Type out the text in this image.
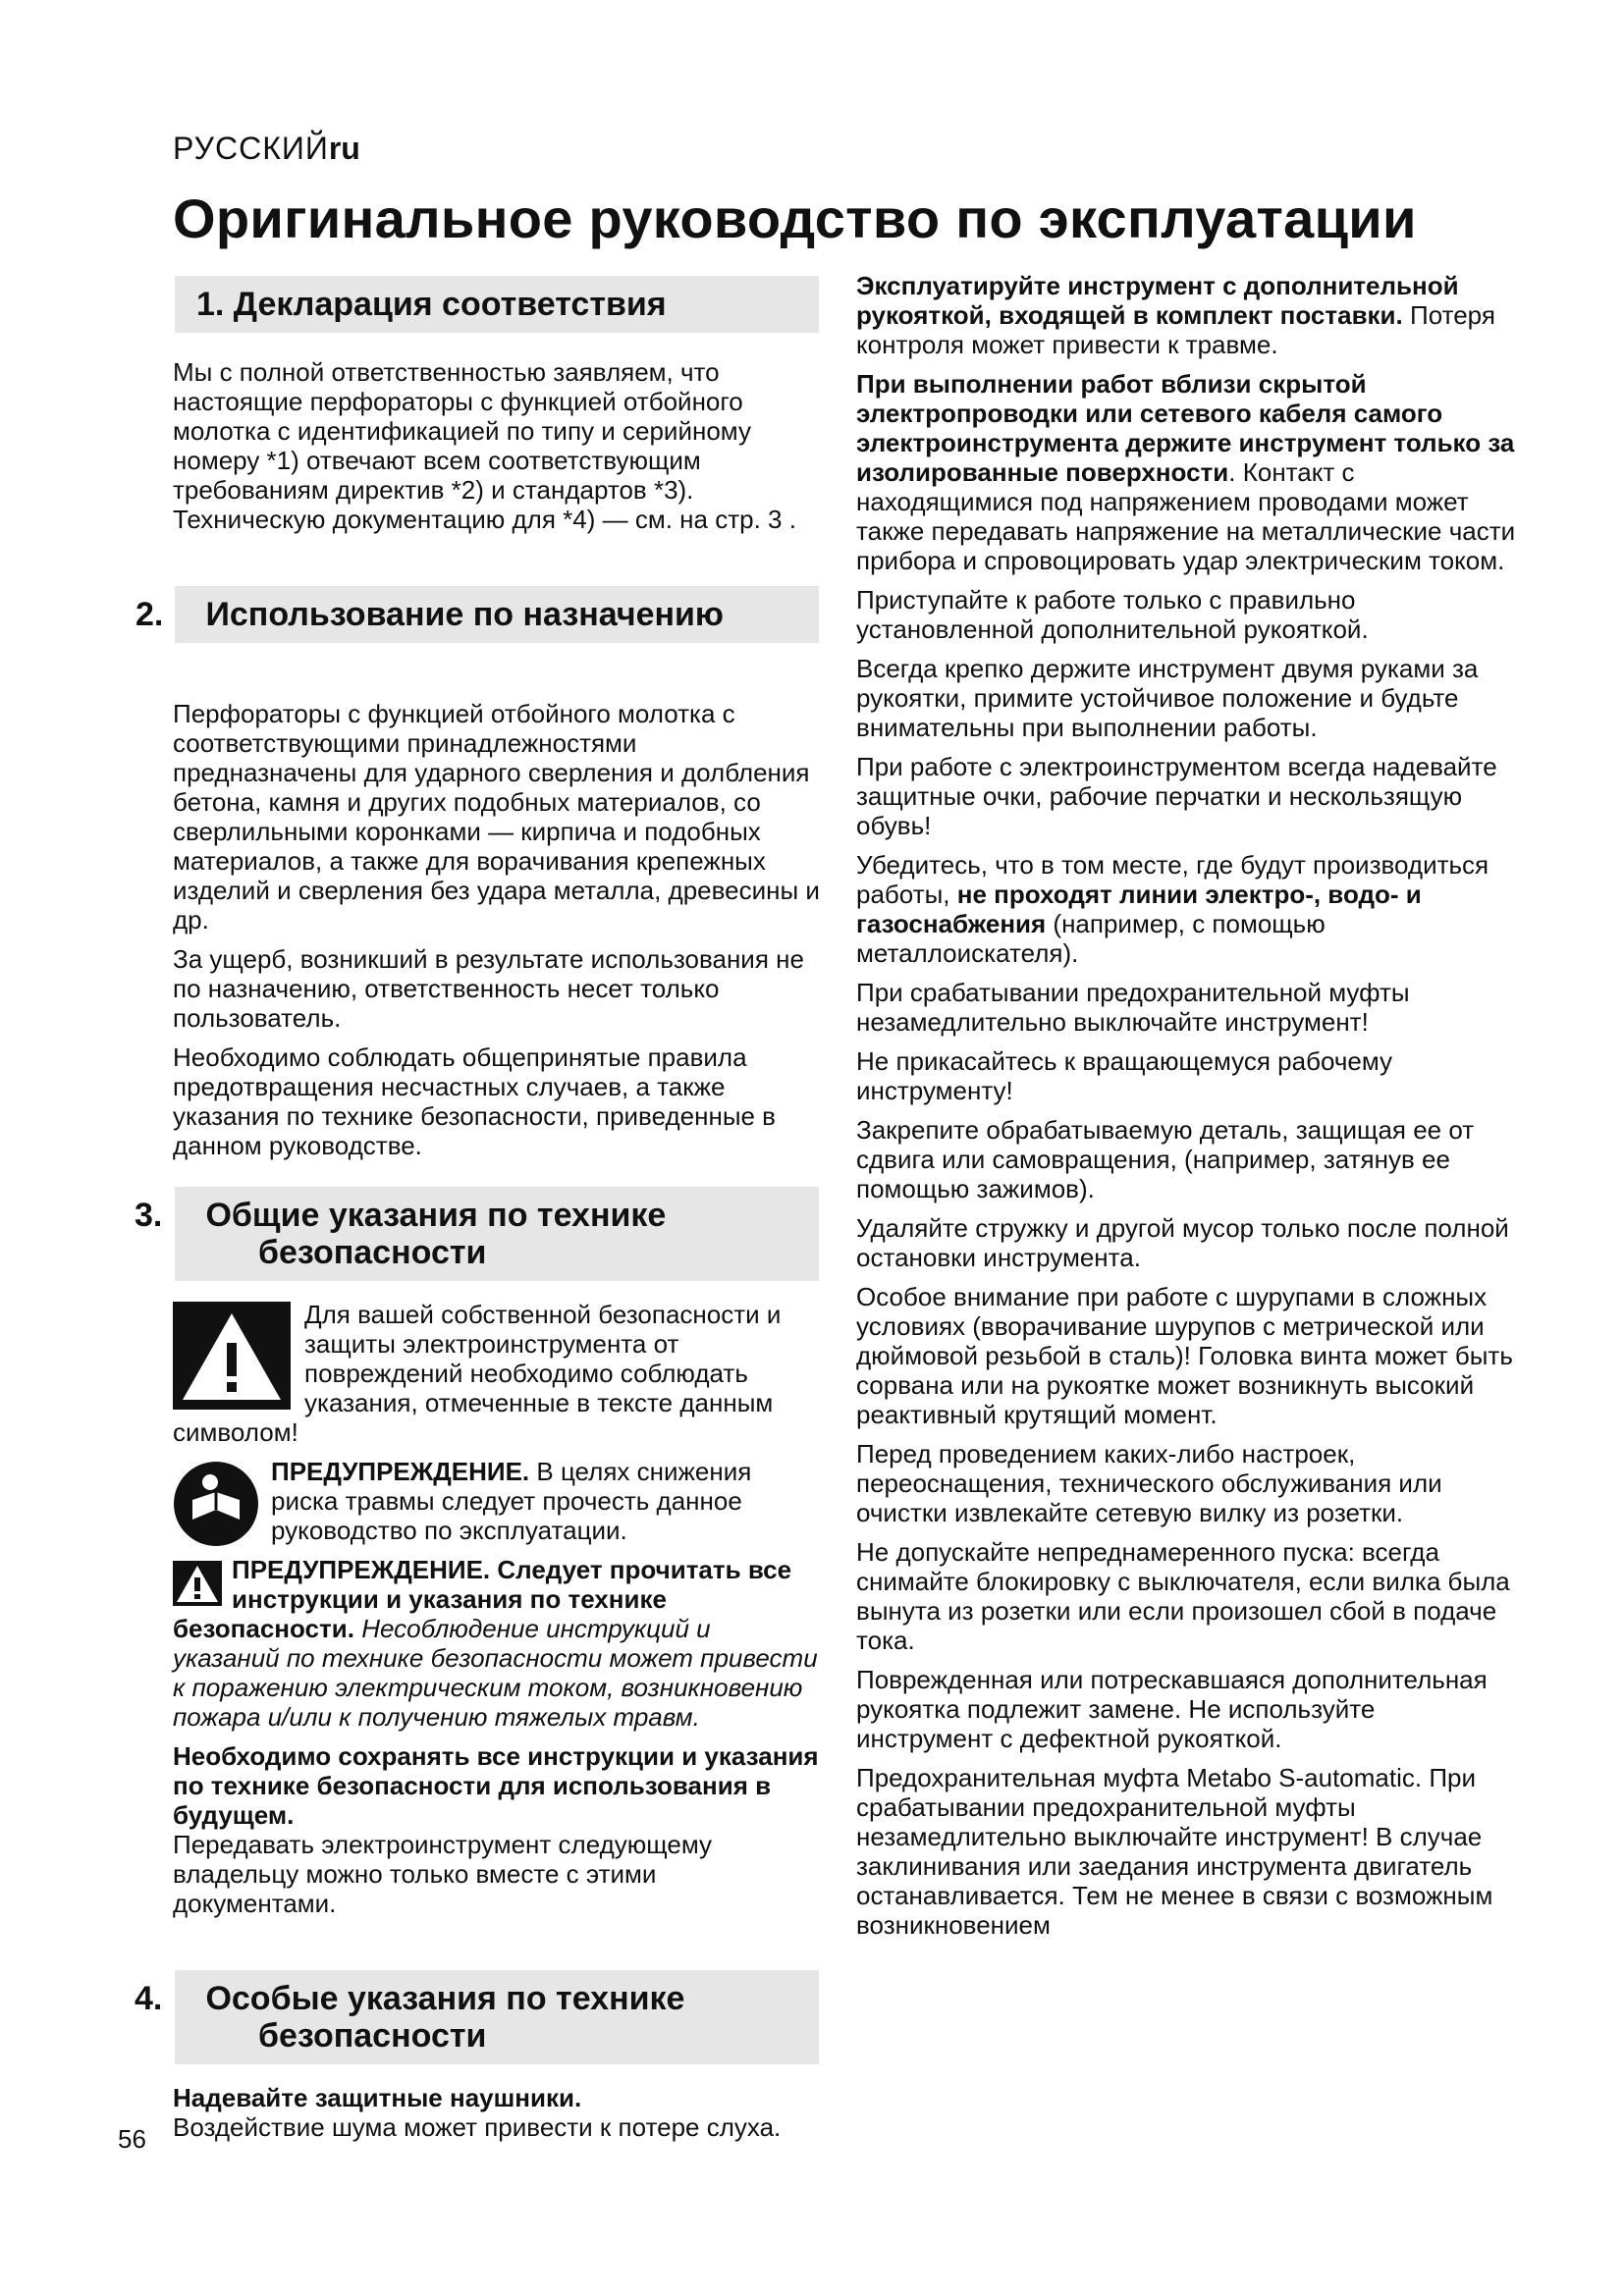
РУССКИЙru
Оригинальное руководство по эксплуатации
1. Декларация соответствия

Мы с полной ответственностью заявляем, что настоящие перфораторы с функцией отбойного молотка с идентификацией по типу и серийному номеру *1) отвечают всем соответствующим требованиям директив *2) и стандартов *3). Техническую документацию для *4) — см. на стр. 3 .

2. Использование по назначению

Перфораторы с функцией отбойного молотка с соответствующими принадлежностями предназначены для ударного сверления и долбления бетона, камня и других подобных материалов, со сверлильными коронками — кирпича и подобных материалов, а также для ворачивания крепежных изделий и сверления без удара металла, древесины и др.

За ущерб, возникший в результате использования не по назначению, ответственность несет только пользователь.

Необходимо соблюдать общепринятые правила предотвращения несчастных случаев, а также указания по технике безопасности, приведенные в данном руководстве.

3. Общие указания по технике безопасности

Для вашей собственной безопасности и защиты электроинструмента от повреждений необходимо соблюдать указания, отмеченные в тексте данным символом!

ПРЕДУПРЕЖДЕНИЕ. В целях снижения риска травмы следует прочесть данное руководство по эксплуатации.

ПРЕДУПРЕЖДЕНИЕ. Следует прочитать все инструкции и указания по технике безопасности. Несоблюдение инструкций и указаний по технике безопасности может привести к поражению электрическим током, возникновению пожара и/или к получению тяжелых травм.

Необходимо сохранять все инструкции и указания по технике безопасности для использования в будущем.
Передавать электроинструмент следующему владельцу можно только вместе с этими документами.

4. Особые указания по технике безопасности

Надевайте защитные наушники.
Воздействие шума может привести к потере слуха.

56

Эксплуатируйте инструмент с дополнительной рукояткой, входящей в комплект поставки. Потеря контроля может привести к травме.

При выполнении работ вблизи скрытой электропроводки или сетевого кабеля самого электроинструмента держите инструмент только за изолированные поверхности. Контакт с находящимися под напряжением проводами может также передавать напряжение на металлические части прибора и спровоцировать удар электрическим током.

Приступайте к работе только с правильно установленной дополнительной рукояткой.

Всегда крепко держите инструмент двумя руками за рукоятки, примите устойчивое положение и будьте внимательны при выполнении работы.

При работе с электроинструментом всегда надевайте защитные очки, рабочие перчатки и нескользящую обувь!

Убедитесь, что в том месте, где будут производиться работы, не проходят линии электро-, водо- и газоснабжения (например, с помощью металлоискателя).

При срабатывании предохранительной муфты незамедлительно выключайте инструмент!

Не прикасайтесь к вращающемуся рабочему инструменту!

Закрепите обрабатываемую деталь, защищая ее от сдвига или самовращения, (например, затянув ее помощью зажимов).

Удаляйте стружку и другой мусор только после полной остановки инструмента.

Особое внимание при работе с шурупами в сложных условиях (вворачивание шурупов с метрической или дюймовой резьбой в сталь)! Головка винта может быть сорвана или на рукоятке может возникнуть высокий реактивный крутящий момент.

Перед проведением каких-либо настроек, переоснащения, технического обслуживания или очистки извлекайте сетевую вилку из розетки.

Не допускайте непреднамеренного пуска: всегда снимайте блокировку с выключателя, если вилка была вынута из розетки или если произошел сбой в подаче тока.

Поврежденная или потрескавшаяся дополнительная рукоятка подлежит замене. Не используйте инструмент с дефектной рукояткой.

Предохранительная муфта Metabo S-automatic. При срабатывании предохранительной муфты незамедлительно выключайте инструмент! В случае заклинивания или заедания инструмента двигатель останавливается. Тем не менее в связи с возможным возникновением
